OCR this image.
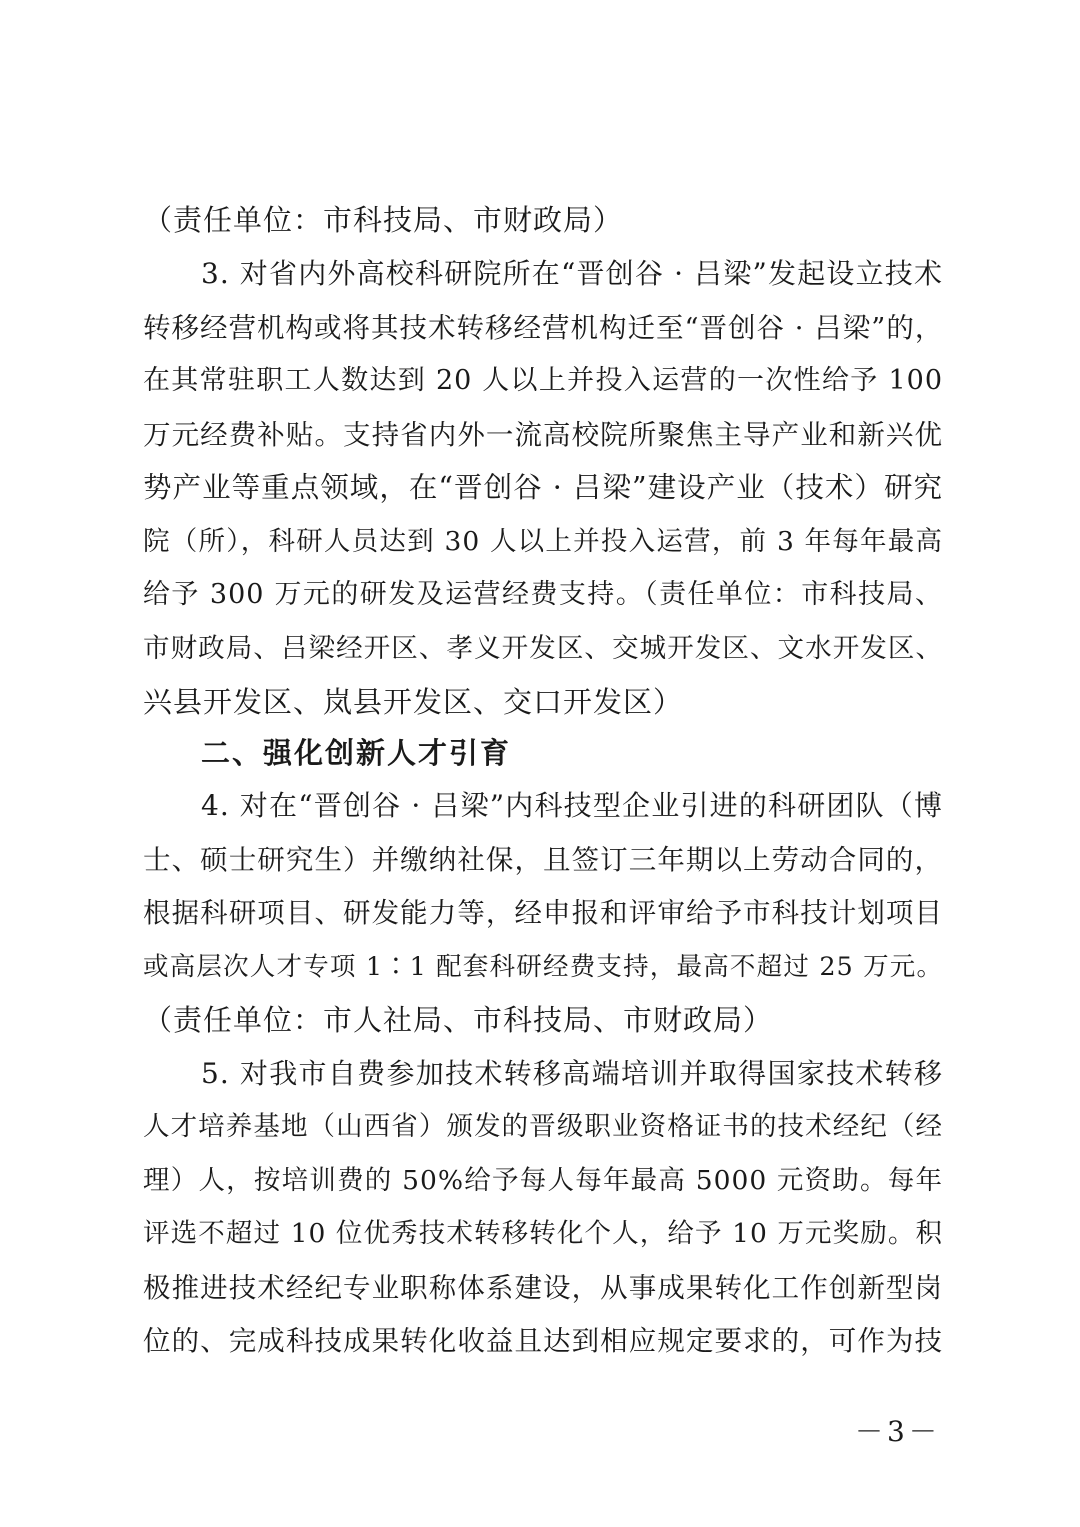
（责任单位：市科技局、市财政局）
3. 对省内外高校科研院所在“晋创谷 · 吕梁”发起设立技术
转移经营机构或将其技术转移经营机构迁至“晋创谷 · 吕梁”的，
在其常驻职工人数达到 20 人以上并投入运营的一次性给予 100
万元经费补贴。支持省内外一流高校院所聚焦主导产业和新兴优
势产业等重点领域，在“晋创谷 · 吕梁”建设产业（技术）研究
院（所），科研人员达到 30 人以上并投入运营，前 3 年每年最高
给予 300 万元的研发及运营经费支持。（责任单位：市科技局、
市财政局、吕梁经开区、孝义开发区、交城开发区、文水开发区、
兴县开发区、岚县开发区、交口开发区）
二、强化创新人才引育
4. 对在“晋创谷 · 吕梁”内科技型企业引进的科研团队（博
士、硕士研究生）并缴纳社保，且签订三年期以上劳动合同的，
根据科研项目、研发能力等，经申报和评审给予市科技计划项目
或高层次人才专项 1∶1 配套科研经费支持，最高不超过 25 万元。
（责任单位：市人社局、市科技局、市财政局）
5. 对我市自费参加技术转移高端培训并取得国家技术转移
人才培养基地（山西省）颁发的晋级职业资格证书的技术经纪（经
理）人，按培训费的 50%给予每人每年最高 5000 元资助。每年
评选不超过 10 位优秀技术转移转化个人，给予 10 万元奖励。积
极推进技术经纪专业职称体系建设，从事成果转化工作创新型岗
位的、完成科技成果转化收益且达到相应规定要求的，可作为技
－3－
